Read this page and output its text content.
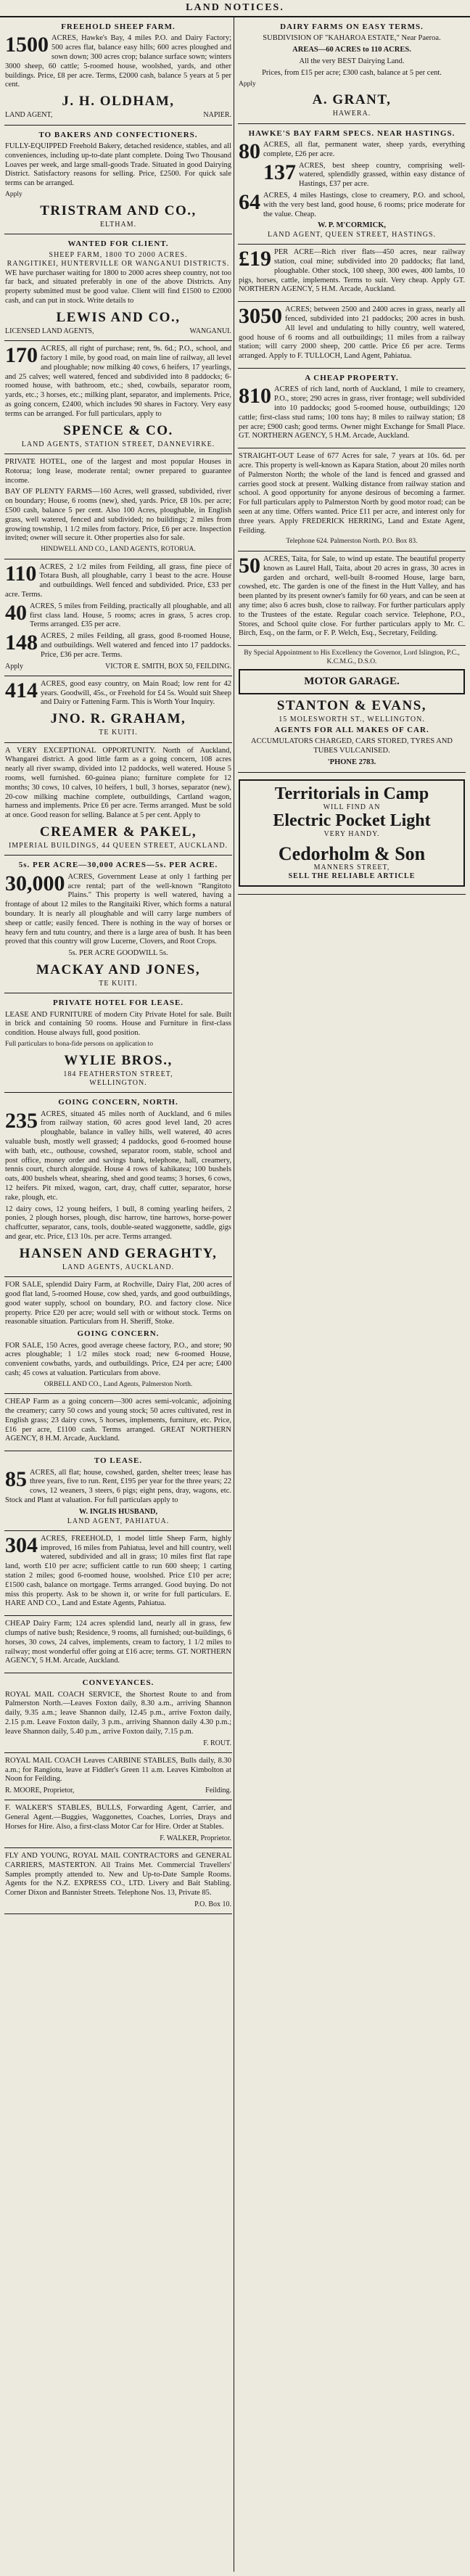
LAND NOTICES.
FREEHOLD SHEEP FARM.

1500 ACRES, Hawke's Bay, 4 miles P.O. and Dairy Factory; 500 acres flat, balance easy hills; 600 acres ploughed and sown down; 300 acres crop; balance surface sown; winters 3000 sheep, 60 cattle; 5-roomed house, woolshed, yards, and other buildings. Price, £8 per acre. Terms, £2000 cash, balance 5 years at 5 per cent.

J. H. OLDHAM,
LAND AGENT,	NAPIER.
TO BAKERS AND CONFECTIONERS.

FULLY-EQUIPPED Freehold Bakery, detached residence, stables, and all conveniences, including up-to-date plant complete. Doing Two Thousand Loaves per week, and large small-goods Trade. Situated in good Dairying District. Satisfactory reasons for selling. Price, £2500. For quick sale terms can be arranged.

Apply
TRISTRAM AND CO.,
ELTHAM.
WANTED FOR CLIENT.
SHEEP FARM, 1800 TO 2000 ACRES.
RANGITIKEI, HUNTERVILLE OR WANGANUI DISTRICTS.

WE have purchaser waiting for 1800 to 2000 acres sheep country, not too far back, and situated preferably in one of the above Districts. Any property submitted must be good value. Client will find £1500 to £2000 cash, and can put in stock. Write details to

LEWIS AND CO.,
LICENSED LAND AGENTS,	WANGANUI.

170 ACRES, all right of purchase; rent, 9s. 6d.; P.O., school, and factory 1 mile, by good road, on main line of railway, all level and ploughable; now milking 40 cows, 6 heifers, 17 yearlings, and 25 calves; well watered, fenced and subdivided into 8 paddocks; 6-roomed house, with bathroom, etc.; shed, cowbails, separator room, yards, etc.; 3 horses, etc.; milking plant, separator, and implements. Price, as going concern, £2400, which includes 90 shares in Factory. Very easy terms can be arranged. For full particulars, apply to

SPENCE & CO.
LAND AGENTS, STATION STREET, DANNEVIRKE.

PRIVATE HOTEL, one of the largest and most popular Houses in Rotorua; long lease, moderate rental; owner prepared to guarantee income.

BAY OF PLENTY FARMS—160 Acres, well grassed, subdivided, river on boundary; House, 6 rooms (new), shed, yards. Price, £8 10s. per acre; £500 cash, balance 5 per cent. Also 100 Acres, ploughable, in English grass, well watered, fenced and subdivided; no buildings; 2 miles from growing township, 1 1/2 miles from factory. Price, £6 per acre. Inspection invited; owner will secure it. Other properties also for sale.

HINDWELL AND CO., LAND AGENTS, ROTORUA.

110 ACRES, 2 1/2 miles from Feilding, all grass, fine piece of Totara Bush, all ploughable, carry 1 beast to the acre. House and outbuildings. Well fenced and subdivided. Price, £33 per acre. Terms.

40 ACRES, 5 miles from Feilding, practically all ploughable, and all first class land. House, 5 rooms; acres in grass, 5 acres crop. Terms arranged. £35 per acre.

148 ACRES, 2 miles Feilding, all grass, good 8-roomed House, and outbuildings. Well watered and fenced into 17 paddocks. Price, £36 per acre. Terms.

Apply	VICTOR E. SMITH, BOX 50, FEILDING.

414 ACRES, good easy country, on Main Road; low rent for 42 years. Goodwill, 45s., or Freehold for £4 5s. Would suit Sheep and Dairy or Fattening Farm. This is Worth Your Inquiry.

JNO. R. GRAHAM,
TE KUITI.

A VERY EXCEPTIONAL OPPORTUNITY. North of Auckland, Whangarei district. A good little farm as a going concern, 108 acres nearly all river swamp, divided into 12 paddocks, well watered. House 5 rooms, well furnished. 60-guinea piano; furniture complete for 12 months; 30 cows, 10 calves, 10 heifers, 1 bull, 3 horses, separator (new), 20-cow milking machine complete, outbuildings, Cartland wagon, harness and implements. Price £6 per acre. Terms arranged. Must be sold at once. Good reason for selling. Balance at 5 per cent. Apply to

CREAMER & PAKEL,
IMPERIAL BUILDINGS, 44 QUEEN STREET, AUCKLAND.
5s. PER ACRE—30,000 ACRES—5s. PER ACRE.

30,000 ACRES, Government Lease at only 1 farthing per acre rental; part of the well-known "Rangitoto Plains." This property is well watered, having a frontage of about 12 miles to the Rangitaiki River, which forms a natural boundary. It is nearly all ploughable and will carry large numbers of sheep or cattle; easily fenced. There is nothing in the way of horses or heavy fern and tutu country, and there is a large area of bush. It has been proved that this country will grow Lucerne, Clovers, and Root Crops.

5s. PER ACRE GOODWILL 5s.
MACKAY AND JONES,
TE KUITI.
PRIVATE HOTEL FOR LEASE.

LEASE AND FURNITURE of modern City Private Hotel for sale. Built in brick and containing 50 rooms. House and Furniture in first-class condition. House always full, good position.

Full particulars to bona-fide persons on application to

WYLIE BROS.,
184 FEATHERSTON STREET,
WELLINGTON.
GOING CONCERN, NORTH.

235 ACRES, situated 45 miles north of Auckland, and 6 miles from railway station, 60 acres good level land, 20 acres ploughable, balance in valley hills, well watered, 40 acres valuable bush, mostly well grassed; 4 paddocks, good 6-roomed house with bath, etc., outhouse, cowshed, separator room, stable, school and post office, money order and savings bank, telephone, hall, creamery, tennis court, church alongside. House 4 rows of kahikatea; 100 bushels oats, 400 bushels wheat, shearing, shed and good teams; 3 horses, 6 cows, 12 heifers. Pit mixed, wagon, cart, dray, chaff cutter, separator, horse rake, plough, etc.

12 dairy cows, 12 young heifers, 1 bull, 8 coming yearling heifers, 2 ponies, 2 plough horses, plough, disc harrow, tine harrows, horse-power chaffcutter, separator, cans, tools, double-seated waggonette, saddle, gigs and gear, etc. Price, £13 10s. per acre. Terms arranged.

HANSEN AND GERAGHTY,
LAND AGENTS, AUCKLAND.

FOR SALE, splendid Dairy Farm, at Rochville, Dairy Flat, 200 acres of good flat land, 5-roomed House, cow shed, yards, and good outbuildings, good water supply, school on boundary, P.O. and factory close. Nice property. Price £20 per acre; would sell with or without stock. Terms on reasonable situation. Particulars from H. Sheriff, Stoke.

GOING CONCERN.

FOR SALE, 150 Acres, good average cheese factory, P.O., and store; 90 acres ploughable; 1 1/2 miles stock road; new 6-roomed House, convenient cowbaths, yards, and outbuildings. Price, £24 per acre; £400 cash; 45 cows at valuation. Particulars from above.

ORBELL AND CO., Land Agents, Palmerston North.

CHEAP Farm as a going concern—300 acres semi-volcanic, adjoining the creamery; carry 50 cows and young stock; 50 acres cultivated, rest in English grass; 23 dairy cows, 5 horses, implements, furniture, etc. Price, £16 per acre, £1100 cash. Terms arranged. GREAT NORTHERN AGENCY, 8 H.M. Arcade, Auckland.

TO LEASE.

85 ACRES, all flat; house, cowshed, garden, shelter trees; lease has three years, five to run. Rent, £195 per year for the three years; 22 cows, 12 weaners, 3 steers, 6 pigs; eight pens, dray, wagons, etc. Stock and Plant at valuation. For full particulars apply to

W. INGLIS HUSBAND,
LAND AGENT, PAHIATUA.

304 ACRES, FREEHOLD, 1 model little Sheep Farm, highly improved, 16 miles from Pahiatua, level and hill country, well watered, subdivided and all in grass; 10 miles first flat rape land, worth £10 per acre; sufficient cattle to run 600 sheep; 1 carting station 2 miles; good 6-roomed house, woolshed. Price £10 per acre; £1500 cash, balance on mortgage. Terms arranged. Good buying. Do not miss this property. Ask to be shown it, or write for full particulars. E. HARE AND CO., Land and Estate Agents, Pahiatua.

CHEAP Dairy Farm; 124 acres splendid land, nearly all in grass, few clumps of native bush; Residence, 9 rooms, all furnished; out-buildings, 6 horses, 30 cows, 24 calves, implements, cream to factory, 1 1/2 miles to railway; most wonderful offer going at £16 acre; terms. GT. NORTHERN AGENCY, 5 H.M. Arcade, Auckland.

CONVEYANCES.

ROYAL MAIL COACH SERVICE, the Shortest Route to and from Palmerston North.—Leaves Foxton daily, 8.30 a.m., arriving Shannon daily, 9.35 a.m.; leave Shannon daily, 12.45 p.m., arrive Foxton daily, 2.15 p.m. Leave Foxton daily, 3 p.m., arriving Shannon daily 4.30 p.m.; leave Shannon daily, 5.40 p.m., arrive Foxton daily, 7.15 p.m.

F. ROUT.

ROYAL MAIL COACH Leaves CARBINE STABLES, Bulls daily, 8.30 a.m.; for Rangiotu, leave at Fiddler's Green 11 a.m. Leaves Kimbolton at Noon for Feilding.

R. MOORE, Proprietor,	Feilding.

F. WALKER'S STABLES, BULLS, Forwarding Agent, Carrier, and General Agent.—Buggies, Waggonettes, Coaches, Lorries, Drays and Horses for Hire. Also, a first-class Motor Car for Hire. Order at Stables.

F. WALKER, Proprietor.

FLY AND YOUNG, ROYAL MAIL CONTRACTORS and GENERAL CARRIERS, MASTERTON. All Trains Met. Commercial Travellers' Samples promptly attended to. New and Up-to-Date Sample Rooms. Agents for the N.Z. EXPRESS CO., LTD. Livery and Bait Stabling. Corner Dixon and Bannister Streets. Telephone Nos. 13, Private 85.

P.O. Box 10.
DAIRY FARMS ON EASY TERMS.

SUBDIVISION OF "KAHAROA ESTATE," Near Paeroa.

AREAS—60 ACRES to 110 ACRES.

All the very BEST Dairying Land.

Prices, from £15 per acre; £300 cash, balance at 5 per cent.

Apply
A. GRANT,
HAWERA.
HAWKE'S BAY FARM SPECS. NEAR HASTINGS.

80 ACRES, all flat, permanent water, sheep yards, everything complete, £26 per acre.

137 ACRES, best sheep country, comprising well-watered, splendidly grassed, within easy distance of Hastings, £37 per acre.

64 ACRES, 4 miles Hastings, close to creamery, P.O. and school, with the very best land, good house, 6 rooms; price moderate for the value. Cheap.

W. P. M'CORMICK,
LAND AGENT, QUEEN STREET, HASTINGS.

£19 PER ACRE—Rich river flats—450 acres, near railway station, coal mine; subdivided into 20 paddocks; flat land, ploughable. Other stock, 100 sheep, 300 ewes, 400 lambs, 10 pigs, horses, cattle, implements. Terms to suit. Very cheap. Apply GT. NORTHERN AGENCY, 5 H.M. Arcade, Auckland.

3050 ACRES; between 2500 and 2400 acres in grass, nearly all fenced, subdivided into 21 paddocks; 200 acres in bush. All level and undulating to hilly country, well watered, good house of 6 rooms and all outbuildings; 11 miles from a railway station; will carry 2000 sheep, 200 cattle. Price £6 per acre. Terms arranged. Apply to F. TULLOCH, Land Agent, Pahiatua.

A CHEAP PROPERTY.

810 ACRES of rich land, north of Auckland, 1 mile to creamery, P.O., store; 290 acres in grass, river frontage; well subdivided into 10 paddocks; good 5-roomed house, outbuildings; 120 cattle; first-class stud rams; 100 tons hay; 8 miles to railway station; £8 per acre; £900 cash; good terms. Owner might Exchange for Small Place. GT. NORTHERN AGENCY, 5 H.M. Arcade, Auckland.

STRAIGHT-OUT Lease of 677 Acres for sale, 7 years at 10s. 6d. per acre. This property is well-known as Kapara Station, about 20 miles north of Palmerston North; the whole of the land is fenced and grassed and carries good stock at present. Walking distance from railway station and school. A good opportunity for anyone desirous of becoming a farmer. For full particulars apply to Palmerston North by good motor road; can be seen at any time. Offers wanted. Price £11 per acre, and interest only for three years. Apply FREDERICK HERRING, Land and Estate Agent, Feilding.

Telephone 624. Palmerston North. P.O. Box 83.

50 ACRES, Taita, for Sale, to wind up estate. The beautiful property known as Laurel Hall, Taita, about 20 acres in grass, 30 acres in garden and orchard, well-built 8-roomed House, large barn, cowshed, etc. The garden is one of the finest in the Hutt Valley, and has been planted by its present owner's family for 60 years, and can be seen at any time; also 6 acres bush, close to railway. For further particulars apply to the Trustees of the estate. Regular coach service. Telephone, P.O., Stores, and School quite close. For further particulars apply to Mr. C. Birch, Esq., on the farm, or F. P. Welch, Esq., Secretary, Feilding.

By Special Appointment to His Excellency the Governor, Lord Islington, P.C., K.C.M.G., D.S.O.

MOTOR GARAGE.
STANTON & EVANS,
15 MOLESWORTH ST., WELLINGTON.
AGENTS FOR ALL MAKES OF CAR.

ACCUMULATORS CHARGED, CARS STORED, TYRES AND TUBES VULCANISED.

'PHONE 2783.
Territorials in Camp
WILL FIND AN
Electric Pocket Light
VERY HANDY.
Cedorholm & Son
MANNERS STREET,
SELL THE RELIABLE ARTICLE
